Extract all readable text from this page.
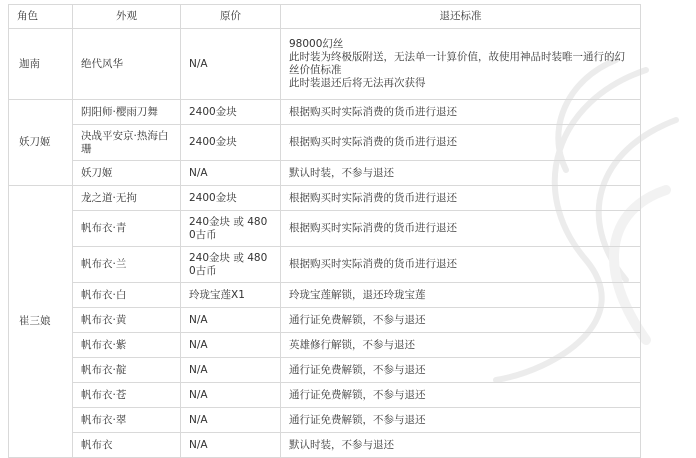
角色	外观	原价	退还标准
迦南	绝代风华	N/A	98000幻丝
此时装为终极版附送，无法单一计算价值，故使用神品时装唯一通行的幻丝价值标准
此时装退还后将无法再次获得

妖刀姬	阴阳师·樱雨刀舞	2400金块	根据购买时实际消费的货币进行退还
	决战平安京·热海白珊	2400金块	根据购买时实际消费的货币进行退还
	妖刀姬	N/A	默认时装，不参与退还
崔三娘	龙之道·无拘	2400金块	根据购买时实际消费的货币进行退还
	帆布衣·青	240金块 或 4800古币	根据购买时实际消费的货币进行退还
	帆布衣·兰	240金块 或 4800古币	根据购买时实际消费的货币进行退还
	帆布衣·白	玲珑宝莲X1	玲珑宝莲解锁，退还玲珑宝莲
	帆布衣·黄	N/A	通行证免费解锁，不参与退还
	帆布衣·紫	N/A	英雄修行解锁，不参与退还
	帆布衣·靛	N/A	通行证免费解锁，不参与退还
	帆布衣·苍	N/A	通行证免费解锁，不参与退还
	帆布衣·翠	N/A	通行证免费解锁，不参与退还
	帆布衣	N/A	默认时装，不参与退还
